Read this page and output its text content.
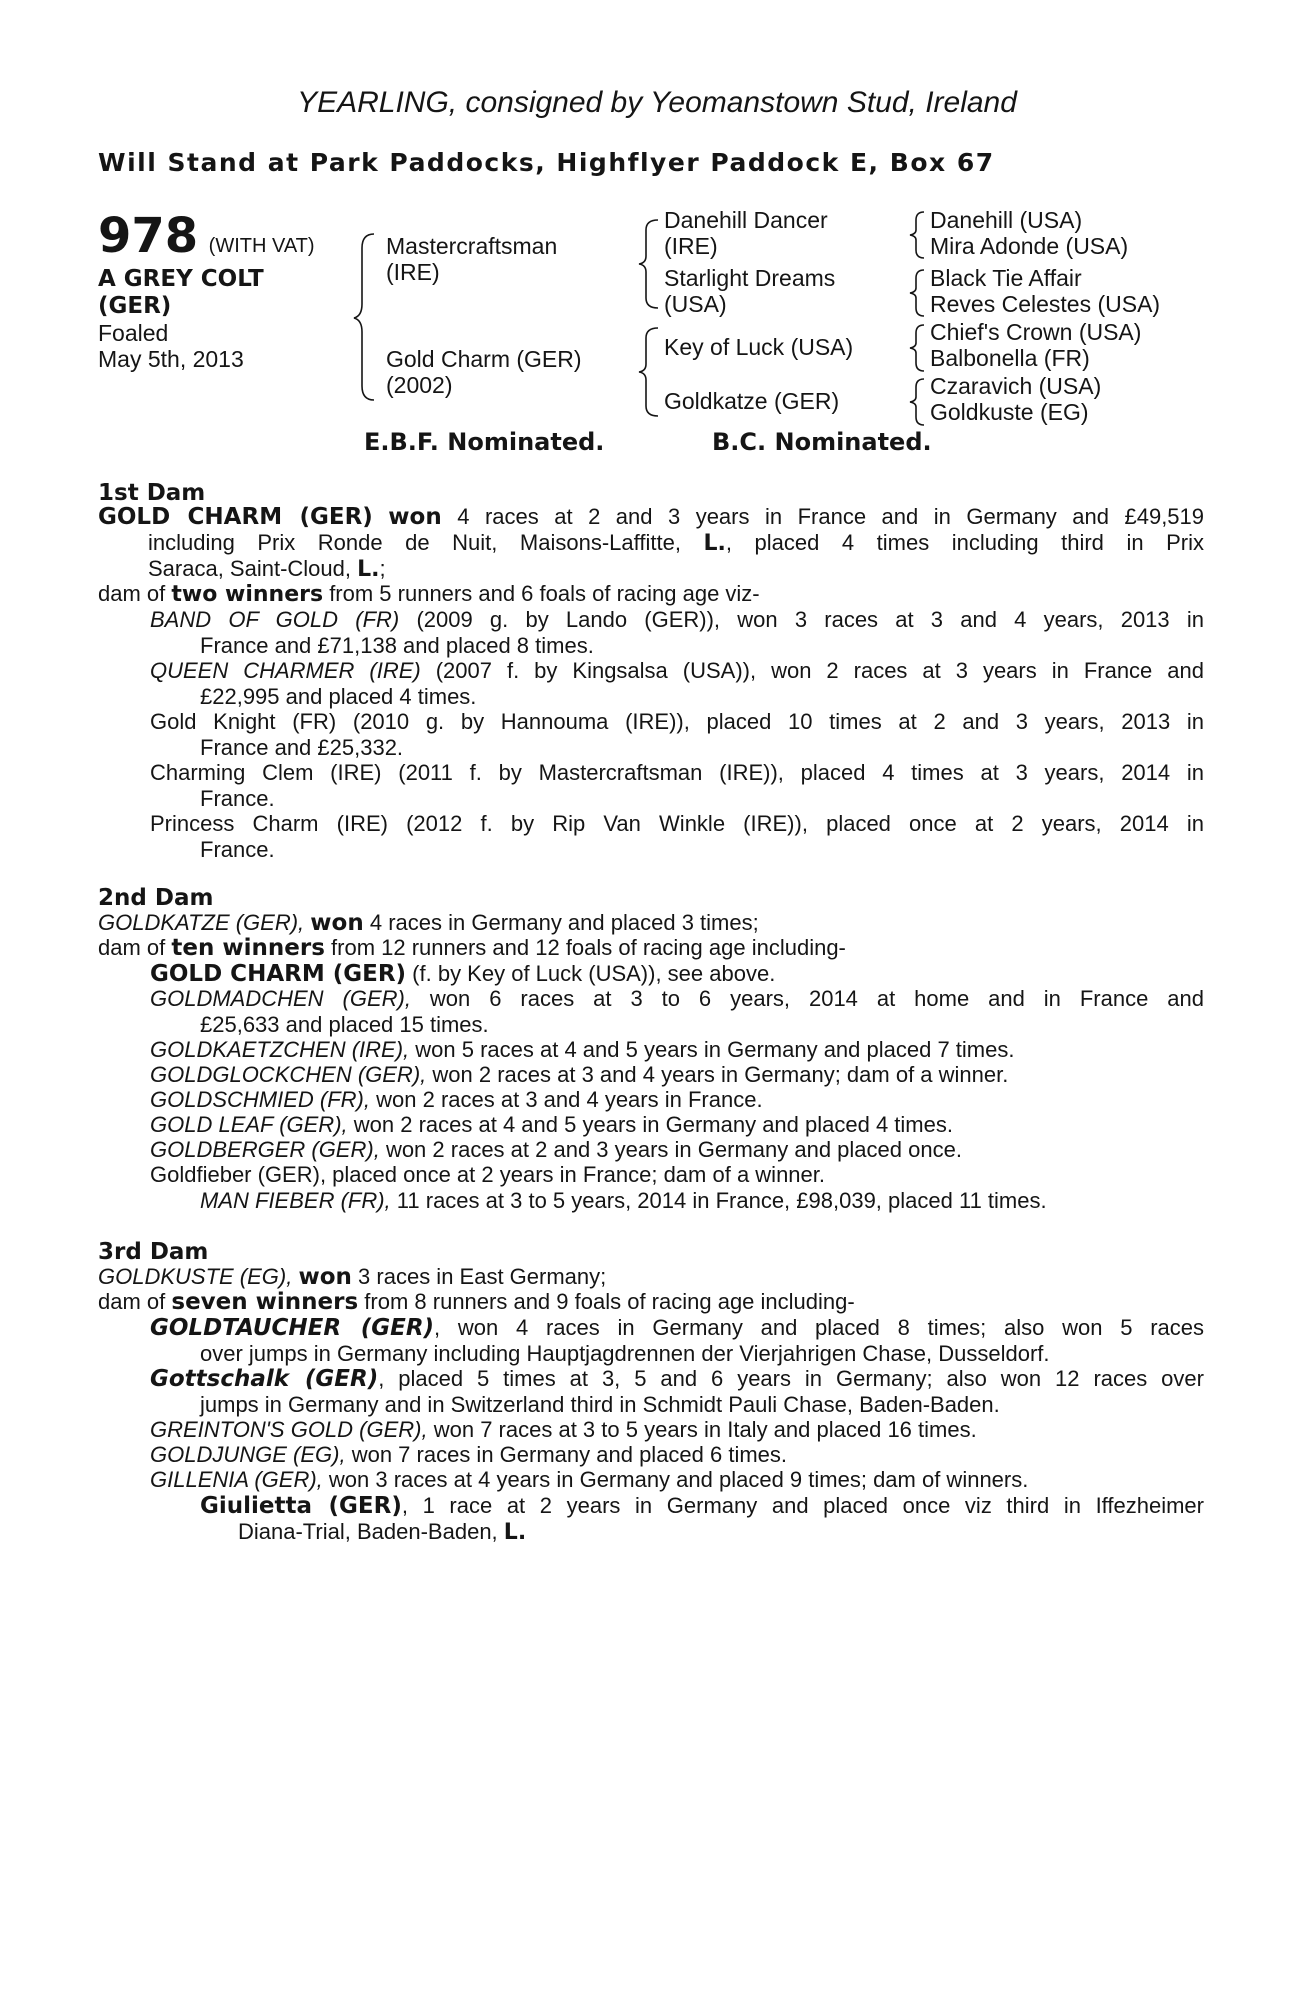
YEARLING, consigned by Yeomanstown Stud, Ireland
Will Stand at Park Paddocks, Highflyer Paddock E, Box 67
978 (WITH VAT)
A GREY COLT
(GER)
Foaled
May 5th, 2013
Mastercraftsman
(IRE)
Gold Charm (GER)
(2002)
Danehill Dancer
(IRE)
Starlight Dreams
(USA)
Key of Luck (USA)
Goldkatze (GER)
Danehill (USA)
Mira Adonde (USA)
Black Tie Affair
Reves Celestes (USA)
Chief's Crown (USA)
Balbonella (FR)
Czaravich (USA)
Goldkuste (EG)
E.B.F. Nominated.	B.C. Nominated.
1st Dam
GOLD CHARM (GER) won 4 races at 2 and 3 years in France and in Germany and £49,519
including Prix Ronde de Nuit, Maisons-Laffitte, L., placed 4 times including third in Prix
Saraca, Saint-Cloud, L.;
dam of two winners from 5 runners and 6 foals of racing age viz-
BAND OF GOLD (FR) (2009 g. by Lando (GER)), won 3 races at 3 and 4 years, 2013 in
France and £71,138 and placed 8 times.
QUEEN CHARMER (IRE) (2007 f. by Kingsalsa (USA)), won 2 races at 3 years in France and
£22,995 and placed 4 times.
Gold Knight (FR) (2010 g. by Hannouma (IRE)), placed 10 times at 2 and 3 years, 2013 in
France and £25,332.
Charming Clem (IRE) (2011 f. by Mastercraftsman (IRE)), placed 4 times at 3 years, 2014 in
France.
Princess Charm (IRE) (2012 f. by Rip Van Winkle (IRE)), placed once at 2 years, 2014 in
France.
2nd Dam
GOLDKATZE (GER), won 4 races in Germany and placed 3 times;
dam of ten winners from 12 runners and 12 foals of racing age including-
GOLD CHARM (GER) (f. by Key of Luck (USA)), see above.
GOLDMADCHEN (GER), won 6 races at 3 to 6 years, 2014 at home and in France and
£25,633 and placed 15 times.
GOLDKAETZCHEN (IRE), won 5 races at 4 and 5 years in Germany and placed 7 times.
GOLDGLOCKCHEN (GER), won 2 races at 3 and 4 years in Germany; dam of a winner.
GOLDSCHMIED (FR), won 2 races at 3 and 4 years in France.
GOLD LEAF (GER), won 2 races at 4 and 5 years in Germany and placed 4 times.
GOLDBERGER (GER), won 2 races at 2 and 3 years in Germany and placed once.
Goldfieber (GER), placed once at 2 years in France; dam of a winner.
MAN FIEBER (FR), 11 races at 3 to 5 years, 2014 in France, £98,039, placed 11 times.
3rd Dam
GOLDKUSTE (EG), won 3 races in East Germany;
dam of seven winners from 8 runners and 9 foals of racing age including-
GOLDTAUCHER (GER), won 4 races in Germany and placed 8 times; also won 5 races
over jumps in Germany including Hauptjagdrennen der Vierjahrigen Chase, Dusseldorf.
Gottschalk (GER), placed 5 times at 3, 5 and 6 years in Germany; also won 12 races over
jumps in Germany and in Switzerland third in Schmidt Pauli Chase, Baden-Baden.
GREINTON'S GOLD (GER), won 7 races at 3 to 5 years in Italy and placed 16 times.
GOLDJUNGE (EG), won 7 races in Germany and placed 6 times.
GILLENIA (GER), won 3 races at 4 years in Germany and placed 9 times; dam of winners.
Giulietta (GER), 1 race at 2 years in Germany and placed once viz third in Iffezheimer
Diana-Trial, Baden-Baden, L.
